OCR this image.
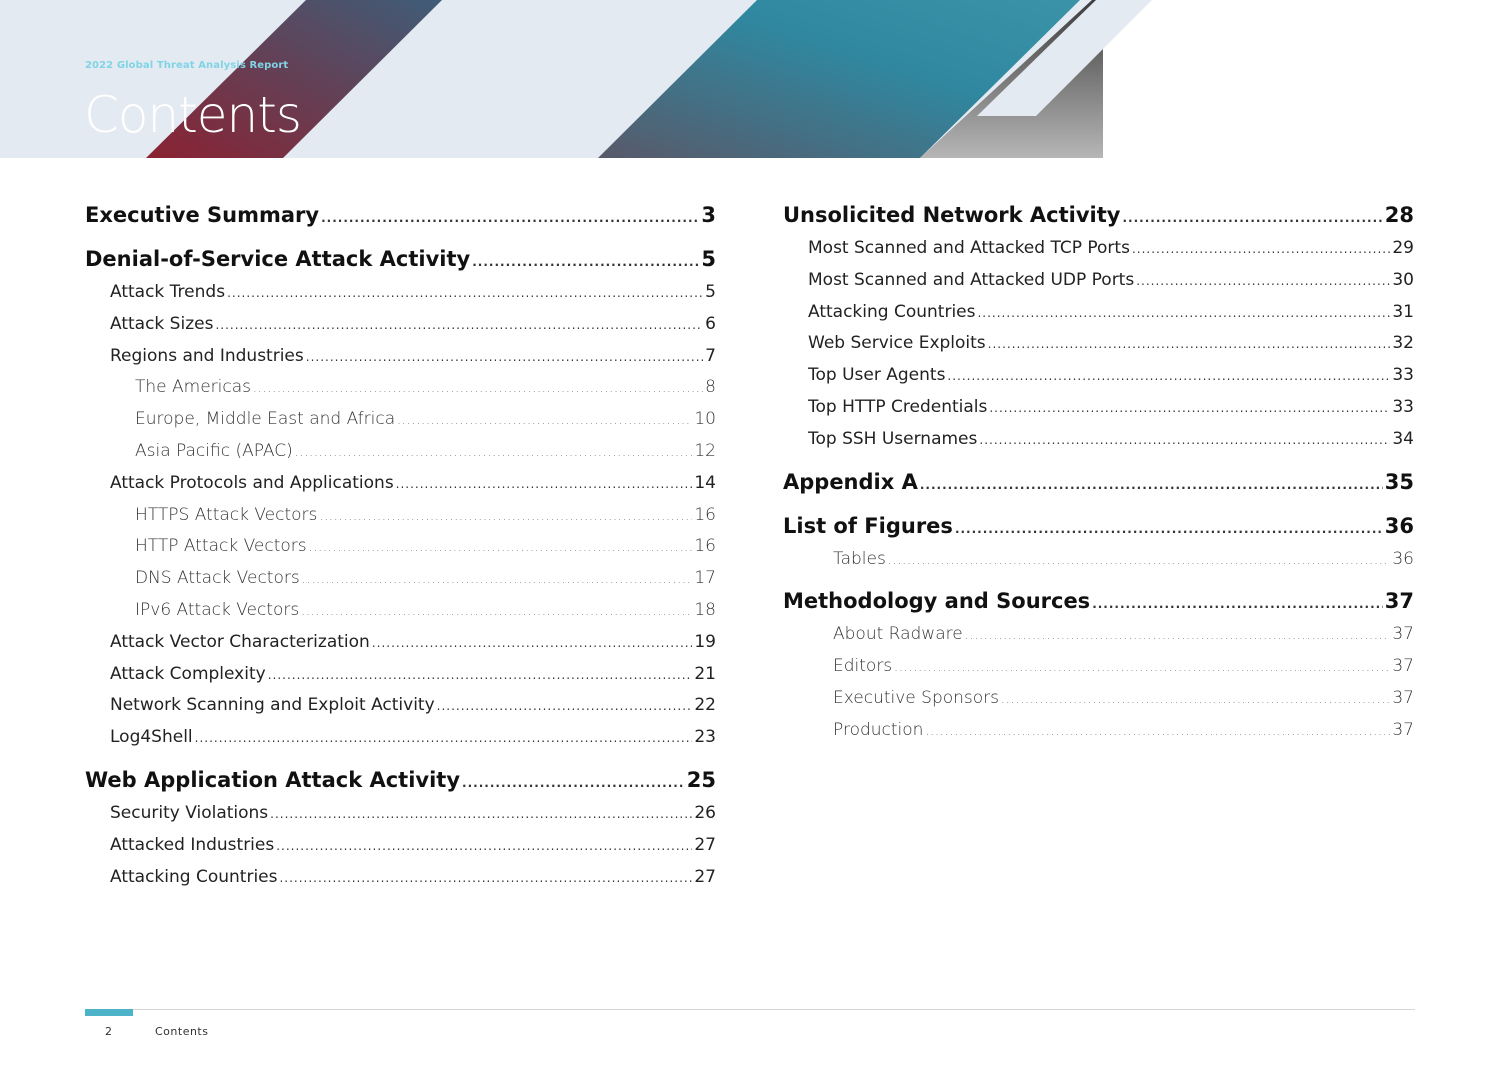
2022 Global Threat Analysis Report
Contents
Executive Summary .....	3
Denial-of-Service Attack Activity .....	5
Attack Trends .....	5
Attack Sizes .....	6
Regions and Industries .....	7
The Americas .....	8
Europe, Middle East and Africa .....	10
Asia Pacific (APAC) .....	12
Attack Protocols and Applications .....	14
HTTPS Attack Vectors .....	16
HTTP Attack Vectors .....	16
DNS Attack Vectors .....	17
IPv6 Attack Vectors .....	18
Attack Vector Characterization .....	19
Attack Complexity .....	21
Network Scanning and Exploit Activity .....	22
Log4Shell .....	23
Web Application Attack Activity .....	25
Security Violations .....	26
Attacked Industries .....	27
Attacking Countries .....	27
Unsolicited Network Activity .....	28
Most Scanned and Attacked TCP Ports .....	29
Most Scanned and Attacked UDP Ports .....	30
Attacking Countries .....	31
Web Service Exploits .....	32
Top User Agents .....	33
Top HTTP Credentials .....	33
Top SSH Usernames .....	34
Appendix A .....	35
List of Figures .....	36
Tables .....	36
Methodology and Sources .....	37
About Radware .....	37
Editors .....	37
Executive Sponsors .....	37
Production .....	37
2	Contents
